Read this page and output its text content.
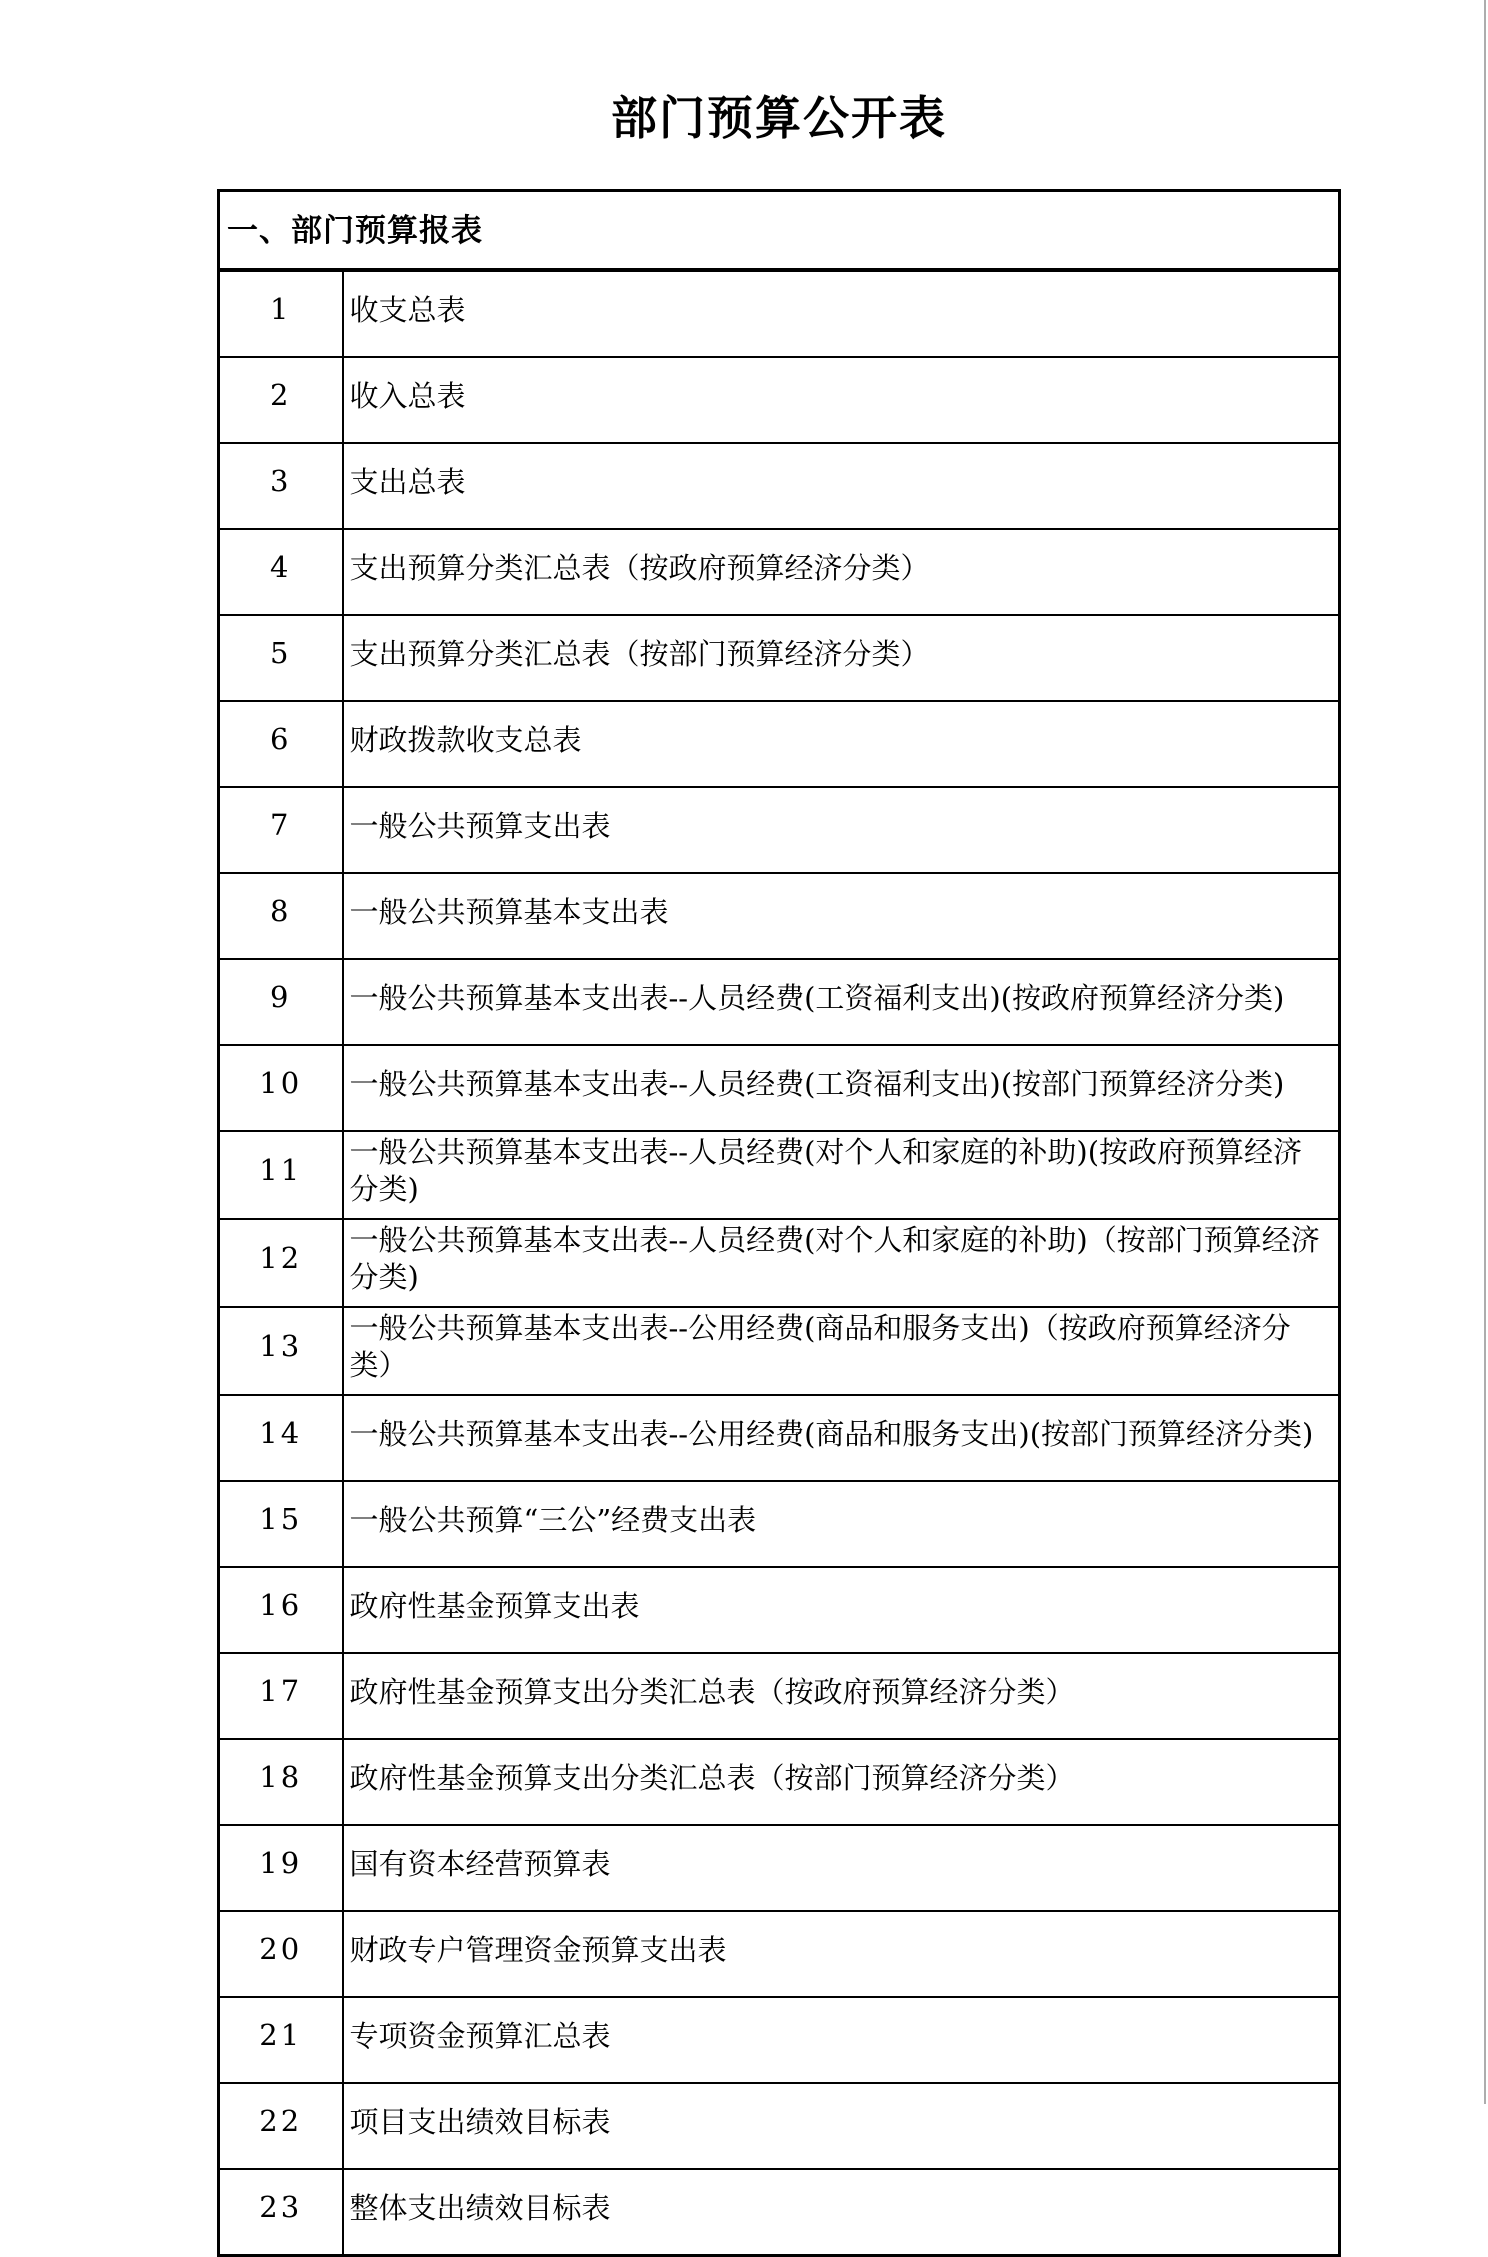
部门预算公开表
一、部门预算报表	
1	收支总表
2	收入总表
3	支出总表
4	支出预算分类汇总表（按政府预算经济分类）
5	支出预算分类汇总表（按部门预算经济分类）
6	财政拨款收支总表
7	一般公共预算支出表
8	一般公共预算基本支出表
9	一般公共预算基本支出表--人员经费(工资福利支出)(按政府预算经济分类)
10	一般公共预算基本支出表--人员经费(工资福利支出)(按部门预算经济分类)
11	一般公共预算基本支出表--人员经费(对个人和家庭的补助)(按政府预算经济分类)
12	一般公共预算基本支出表--人员经费(对个人和家庭的补助)（按部门预算经济分类)
13	一般公共预算基本支出表--公用经费(商品和服务支出)（按政府预算经济分类）
14	一般公共预算基本支出表--公用经费(商品和服务支出)(按部门预算经济分类)
15	一般公共预算“三公”经费支出表
16	政府性基金预算支出表
17	政府性基金预算支出分类汇总表（按政府预算经济分类）
18	政府性基金预算支出分类汇总表（按部门预算经济分类）
19	国有资本经营预算表
20	财政专户管理资金预算支出表
21	专项资金预算汇总表
22	项目支出绩效目标表
23	整体支出绩效目标表
